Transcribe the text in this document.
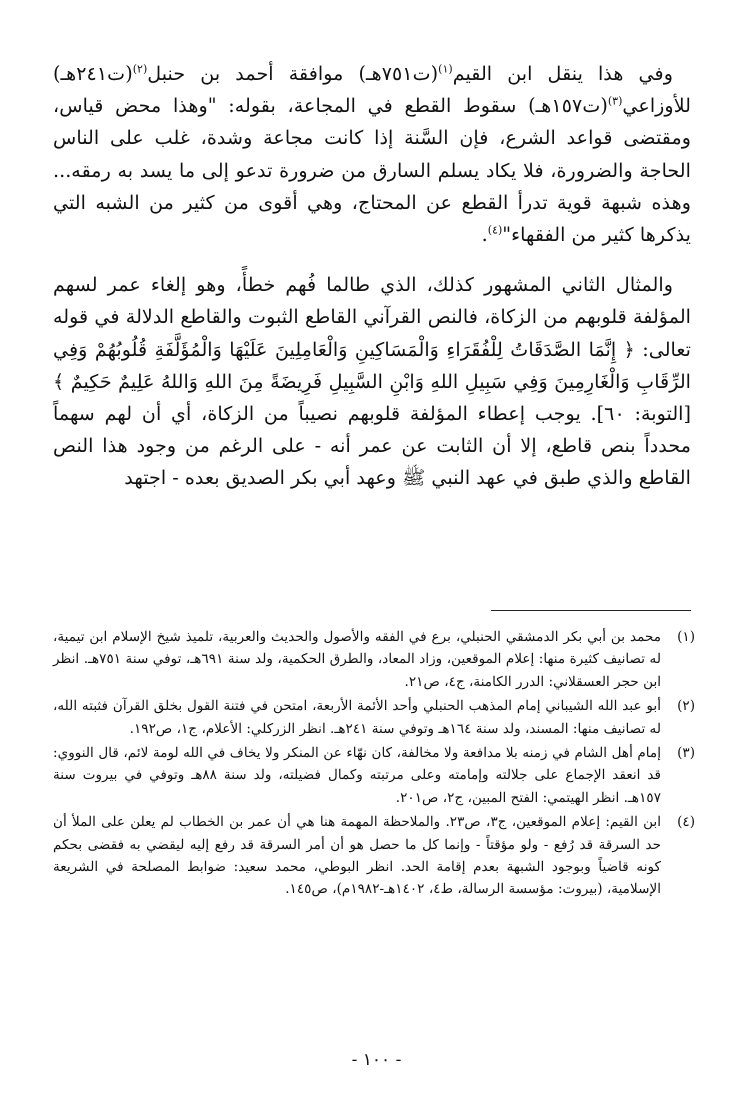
وفي هذا ينقل ابن القيم$^{(١)}$(ت٧٥١هـ) موافقة أحمد بن حنبل$^{(٢)}$(ت٢٤١هـ) للأوزاعي$^{(٣)}$(ت١٥٧هـ) سقوط القطع في المجاعة، بقوله: "وهذا محض قياس، ومقتضى قواعد الشرع، فإن السَّنة إذا كانت مجاعة وشدة، غلب على الناس الحاجة والضرورة، فلا يكاد يسلم السارق من ضرورة تدعو إلى ما يسد به رمقه... وهذه شبهة قوية تدرأ القطع عن المحتاج، وهي أقوى من كثير من الشبه التي يذكرها كثير من الفقهاء"$^{(٤)}$.

والمثال الثاني المشهور كذلك، الذي طالما فُهم خطأً، وهو إلغاء عمر لسهم المؤلفة قلوبهم من الزكاة، فالنص القرآني القاطع الثبوت والقاطع الدلالة في قوله تعالى: ﴿ إِنَّمَا الصَّدَقَاتُ لِلْفُقَرَاءِ وَالْمَسَاكِينِ وَالْعَامِلِينَ عَلَيْهَا وَالْمُؤَلَّفَةِ قُلُوبُهُمْ وَفِي الرِّقَابِ وَالْغَارِمِينَ وَفِي سَبِيلِ اللهِ وَابْنِ السَّبِيلِ فَرِيضَةً مِنَ اللهِ وَاللهُ عَلِيمٌ حَكِيمٌ ﴾[التوبة: ٦٠]. يوجب إعطاء المؤلفة قلوبهم نصيباً من الزكاة، أي أن لهم سهماً محدداً بنص قاطع، إلا أن الثابت عن عمر أنه - على الرغم من وجود هذا النص القاطع والذي طبق في عهد النبي ﷺ وعهد أبي بكر الصديق بعده - اجتهد

(١)
محمد بن أبي بكر الدمشقي الحنبلي، برع في الفقه والأصول والحديث والعربية، تلميذ شيخ الإسلام ابن تيمية، له تصانيف كثيرة منها: إعلام الموقعين، وزاد المعاد، والطرق الحكمية، ولد سنة ٦٩١هـ، توفي سنة ٧٥١هـ. انظر ابن حجر العسقلاني: الدرر الكامنة، ج٤، ص٢١.
(٢)
أبو عبد الله الشيباني إمام المذهب الحنبلي وأحد الأئمة الأربعة، امتحن في فتنة القول بخلق القرآن فثبته الله، له تصانيف منها: المسند، ولد سنة ١٦٤هـ وتوفي سنة ٢٤١هـ. انظر الزركلي: الأعلام، ج١، ص١٩٢.
(٣)
إمام أهل الشام في زمنه بلا مدافعة ولا مخالفة، كان نهّاء عن المنكر ولا يخاف في الله لومة لائم، قال النووي: قد انعقد الإجماع على جلالته وإمامته وعلى مرتبته وكمال فضيلته، ولد سنة ٨٨هـ وتوفي في بيروت سنة ١٥٧هـ. انظر الهيتمي: الفتح المبين، ج٢، ص٢٠١.
(٤)
ابن القيم: إعلام الموقعين، ج٣، ص٢٣. والملاحظة المهمة هنا هي أن عمر بن الخطاب لم يعلن على الملأ أن حد السرقة قد رُفع - ولو مؤقتاً - وإنما كل ما حصل هو أن أمر السرقة قد رفع إليه ليقضي به فقضى بحكم كونه قاضياً وبوجود الشبهة بعدم إقامة الحد. انظر البوطي، محمد سعيد: ضوابط المصلحة في الشريعة الإسلامية، (بيروت: مؤسسة الرسالة، ط٤، ١٤٠٢هـ-١٩٨٢م)، ص١٤٥.
- ١٠٠ -
